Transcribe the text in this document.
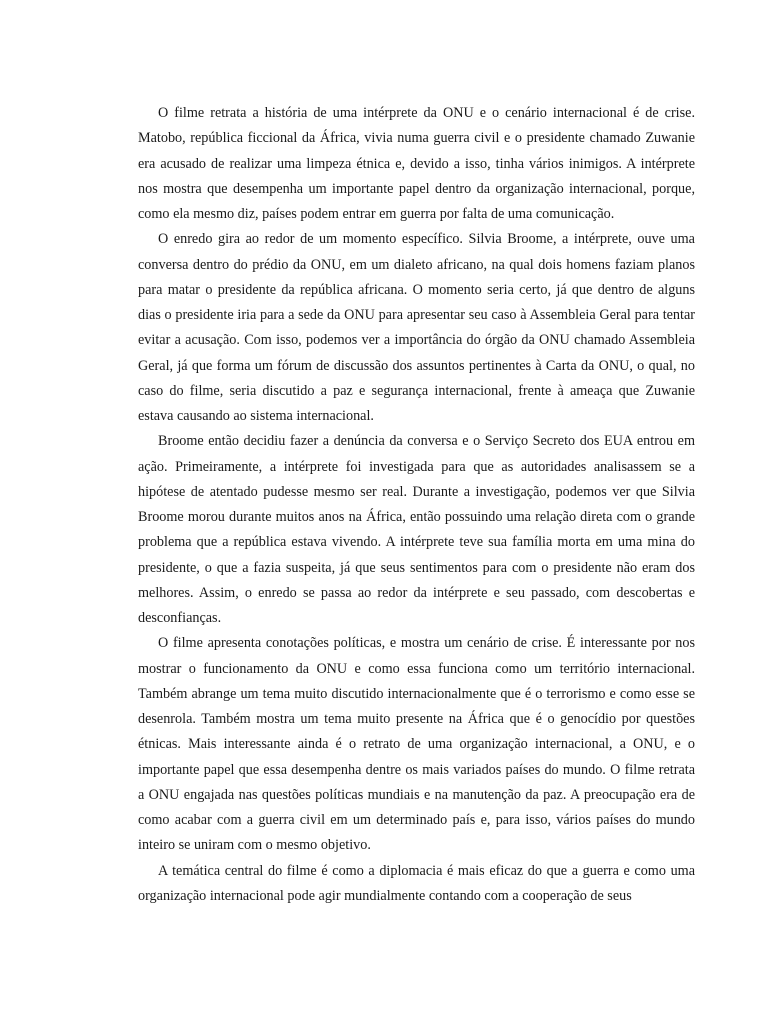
O filme retrata a história de uma intérprete da ONU e o cenário internacional é de crise. Matobo, república ficcional da África, vivia numa guerra civil e o presidente chamado Zuwanie era acusado de realizar uma limpeza étnica e, devido a isso, tinha vários inimigos. A intérprete nos mostra que desempenha um importante papel dentro da organização internacional, porque, como ela mesmo diz, países podem entrar em guerra por falta de uma comunicação.

O enredo gira ao redor de um momento específico. Silvia Broome, a intérprete, ouve uma conversa dentro do prédio da ONU, em um dialeto africano, na qual dois homens faziam planos para matar o presidente da república africana. O momento seria certo, já que dentro de alguns dias o presidente iria para a sede da ONU para apresentar seu caso à Assembleia Geral para tentar evitar a acusação. Com isso, podemos ver a importância do órgão da ONU chamado Assembleia Geral, já que forma um fórum de discussão dos assuntos pertinentes à Carta da ONU, o qual, no caso do filme, seria discutido a paz e segurança internacional, frente à ameaça que Zuwanie estava causando ao sistema internacional.

Broome então decidiu fazer a denúncia da conversa e o Serviço Secreto dos EUA entrou em ação. Primeiramente, a intérprete foi investigada para que as autoridades analisassem se a hipótese de atentado pudesse mesmo ser real. Durante a investigação, podemos ver que Silvia Broome morou durante muitos anos na África, então possuindo uma relação direta com o grande problema que a república estava vivendo. A intérprete teve sua família morta em uma mina do presidente, o que a fazia suspeita, já que seus sentimentos para com o presidente não eram dos melhores. Assim, o enredo se passa ao redor da intérprete e seu passado, com descobertas e desconfianças.

O filme apresenta conotações políticas, e mostra um cenário de crise. É interessante por nos mostrar o funcionamento da ONU e como essa funciona como um território internacional. Também abrange um tema muito discutido internacionalmente que é o terrorismo e como esse se desenrola. Também mostra um tema muito presente na África que é o genocídio por questões étnicas. Mais interessante ainda é o retrato de uma organização internacional, a ONU, e o importante papel que essa desempenha dentre os mais variados países do mundo. O filme retrata a ONU engajada nas questões políticas mundiais e na manutenção da paz. A preocupação era de como acabar com a guerra civil em um determinado país e, para isso, vários países do mundo inteiro se uniram com o mesmo objetivo.

A temática central do filme é como a diplomacia é mais eficaz do que a guerra e como uma organização internacional pode agir mundialmente contando com a cooperação de seus
